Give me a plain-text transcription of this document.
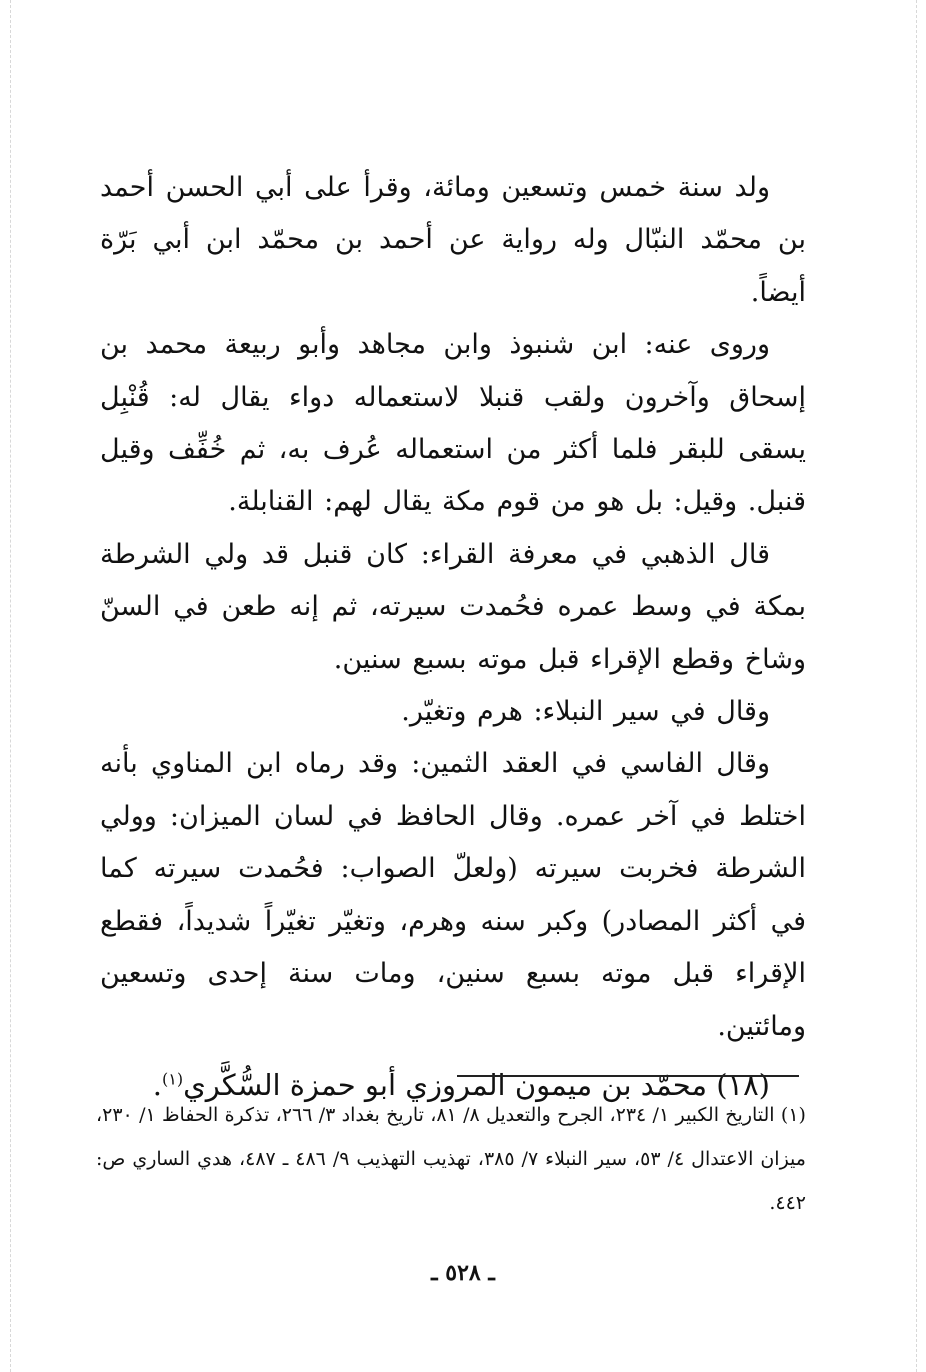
ولد سنة خمس وتسعين ومائة، وقرأ على أبي الحسن أحمد بن محمّد النبّال وله رواية عن أحمد بن محمّد ابن أبي بَرّة أيضاً.

وروى عنه: ابن شنبوذ وابن مجاهد وأبو ربيعة محمد بن إسحاق وآخرون ولقب قنبلا لاستعماله دواء يقال له: قُنْبِل يسقى للبقر فلما أكثر من استعماله عُرف به، ثم خُفِّف وقيل قنبل. وقيل: بل هو من قوم مكة يقال لهم: القنابلة.

قال الذهبي في معرفة القراء: كان قنبل قد ولي الشرطة بمكة في وسط عمره فحُمدت سيرته، ثم إنه طعن في السنّ وشاخ وقطع الإقراء قبل موته بسبع سنين.

وقال في سير النبلاء: هرم وتغيّر.

وقال الفاسي في العقد الثمين: وقد رماه ابن المناوي بأنه اختلط في آخر عمره. وقال الحافظ في لسان الميزان: وولي الشرطة فخربت سيرته (ولعلّ الصواب: فحُمدت سيرته كما في أكثر المصادر) وكبر سنه وهرم، وتغيّر تغيّراً شديداً، فقطع الإقراء قبل موته بسبع سنين، ومات سنة إحدى وتسعين ومائتين.

(١٨) محمّد بن ميمون المروزي أبو حمزة السُّكَّري$^{(١)}$.

(١) التاريخ الكبير ١/ ٢٣٤، الجرح والتعديل ٨/ ٨١، تاريخ بغداد ٣/ ٢٦٦، تذكرة الحفاظ ١/ ٢٣٠، ميزان الاعتدال ٤/ ٥٣، سير النبلاء ٧/ ٣٨٥، تهذيب التهذيب ٩/ ٤٨٦ ـ ٤٨٧، هدي الساري ص: ٤٤٢.

ـ ٥٢٨ ـ
